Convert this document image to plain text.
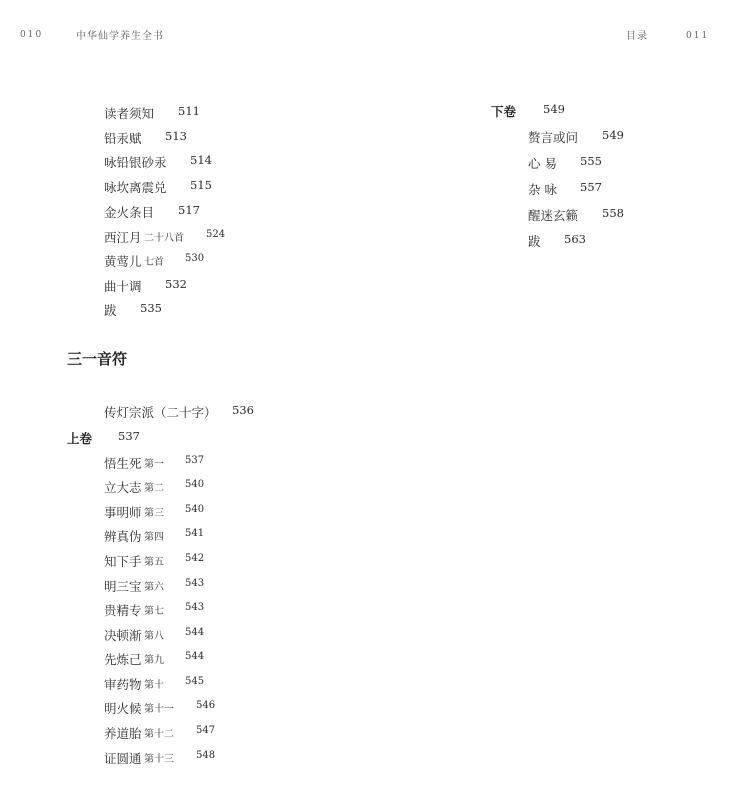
010	中华仙学养生全书	目录	011
读者须知 511
铅汞赋 513
咏铅银砂汞 514
咏坎离震兑 515
金火条目 517
西江月 二十八首 524
黄莺儿 七首 530
曲十调 532
跋 535
三一音符
传灯宗派（二十字） 536
上卷 537
悟生死 第一 537
立大志 第二 540
事明师 第三 540
辨真伪 第四 541
知下手 第五 542
明三宝 第六 543
贵精专 第七 543
决顿渐 第八 544
先炼己 第九 544
审药物 第十 545
明火候 第十一 546
养道胎 第十二 547
证圆通 第十三 548
下卷 549
赘言或问 549
心 易 555
杂 咏 557
醒迷玄籁 558
跋 563
